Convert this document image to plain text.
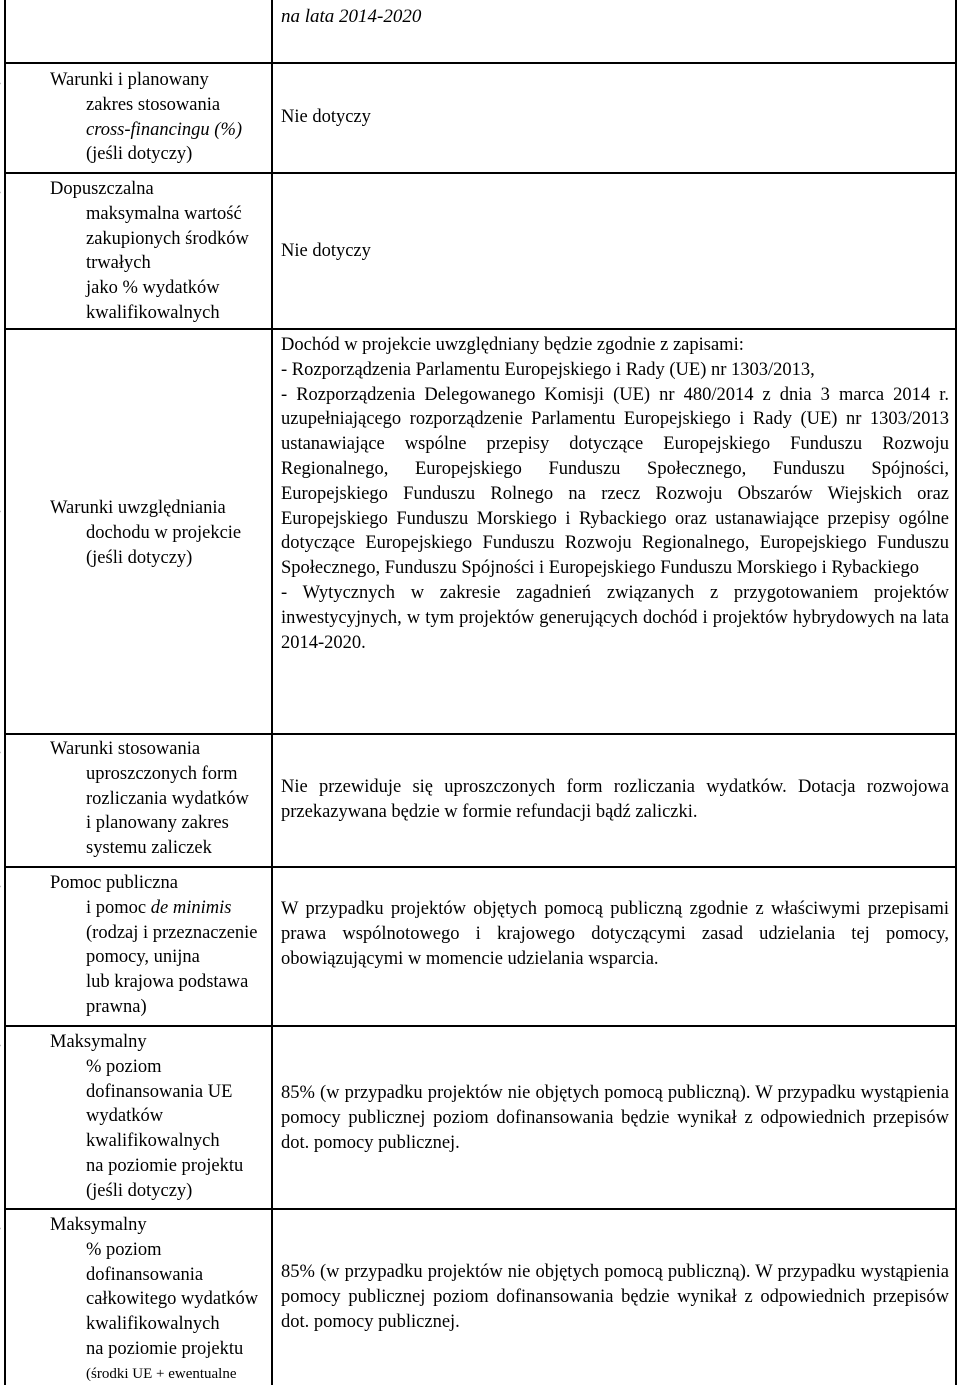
na lata 2014-2020
Warunki i planowany
zakres stosowania
cross-financingu (%)
(jeśli dotyczy)

Nie dotyczy

Dopuszczalna
maksymalna wartość
zakupionych środków
trwałych
jako % wydatków
kwalifikowalnych

Nie dotyczy

Warunki uwzględniania
dochodu w projekcie
(jeśli dotyczy)

Dochód w projekcie uwzględniany będzie zgodnie z zapisami:

- Rozporządzenia Parlamentu Europejskiego i Rady (UE) nr 1303/2013,

- Rozporządzenia Delegowanego Komisji (UE) nr 480/2014 z dnia 3 marca 2014 r. uzupełniającego rozporządzenie Parlamentu Europejskiego i Rady (UE) nr 1303/2013 ustanawiające wspólne przepisy dotyczące Europejskiego Funduszu Rozwoju Regionalnego, Europejskiego Funduszu Społecznego, Funduszu Spójności, Europejskiego Funduszu Rolnego na rzecz Rozwoju Obszarów Wiejskich oraz Europejskiego Funduszu Morskiego i Rybackiego oraz ustanawiające przepisy ogólne dotyczące Europejskiego Funduszu Rozwoju Regionalnego, Europejskiego Funduszu Społecznego, Funduszu Spójności i Europejskiego Funduszu Morskiego i Rybackiego

- Wytycznych w zakresie zagadnień związanych z przygotowaniem projektów inwestycyjnych, w tym projektów generujących dochód i projektów hybrydowych na lata 2014-2020.

Warunki stosowania
uproszczonych form
rozliczania wydatków
i planowany zakres
systemu zaliczek

Nie przewiduje się uproszczonych form rozliczania wydatków. Dotacja rozwojowa przekazywana będzie w formie refundacji bądź zaliczki.

Pomoc publiczna
i pomoc de minimis
(rodzaj i przeznaczenie
pomocy, unijna
lub krajowa podstawa
prawna)

W przypadku projektów objętych pomocą publiczną zgodnie z właściwymi przepisami prawa wspólnotowego i krajowego dotyczącymi zasad udzielania tej pomocy, obowiązującymi w momencie udzielania wsparcia.

Maksymalny
% poziom
dofinansowania UE
wydatków
kwalifikowalnych
na poziomie projektu
(jeśli dotyczy)

85% (w przypadku projektów nie objętych pomocą publiczną). W przypadku wystąpienia pomocy publicznej poziom dofinansowania będzie wynikał z odpowiednich przepisów dot. pomocy publicznej.

Maksymalny
% poziom
dofinansowania
całkowitego wydatków
kwalifikowalnych
na poziomie projektu
(środki UE + ewentualne

85% (w przypadku projektów nie objętych pomocą publiczną). W przypadku wystąpienia pomocy publicznej poziom dofinansowania będzie wynikał z odpowiednich przepisów dot. pomocy publicznej.
